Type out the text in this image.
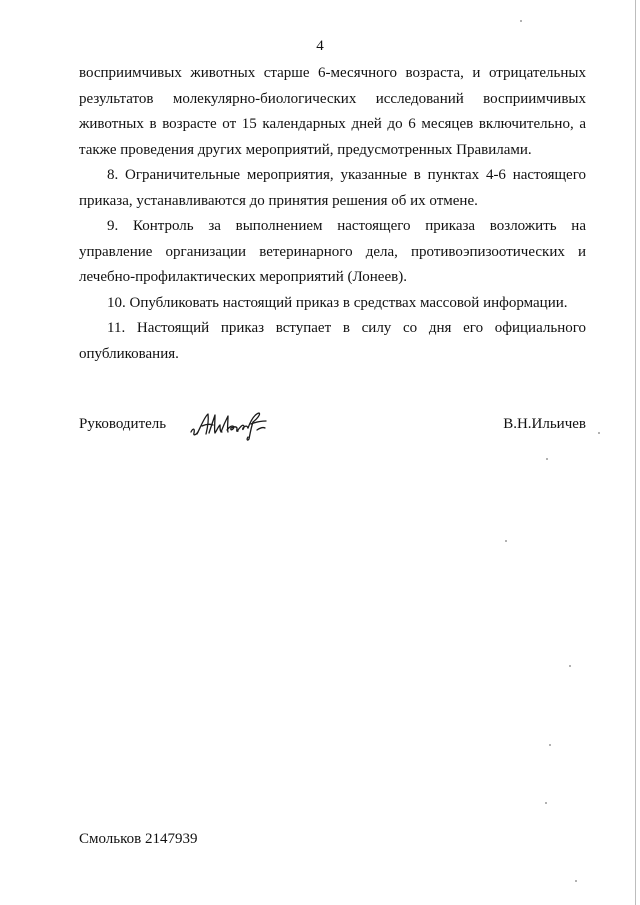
4

восприимчивых животных старше 6-месячного возраста, и отрицательных результатов молекулярно-биологических исследований восприимчивых животных в возрасте от 15 календарных дней до 6 месяцев включительно, а также проведения других мероприятий, предусмотренных Правилами.

8. Ограничительные мероприятия, указанные в пунктах 4-6 настоящего приказа, устанавливаются до принятия решения об их отмене.

9. Контроль за выполнением настоящего приказа возложить на управление организации ветеринарного дела, противоэпизоотических и лечебно-профилактических мероприятий (Лонеев).

10. Опубликовать настоящий приказ в средствах массовой информации.

11. Настоящий приказ вступает в силу со дня его официального опубликования.

Руководитель	В.Н.Ильичев
Смольков 2147939
